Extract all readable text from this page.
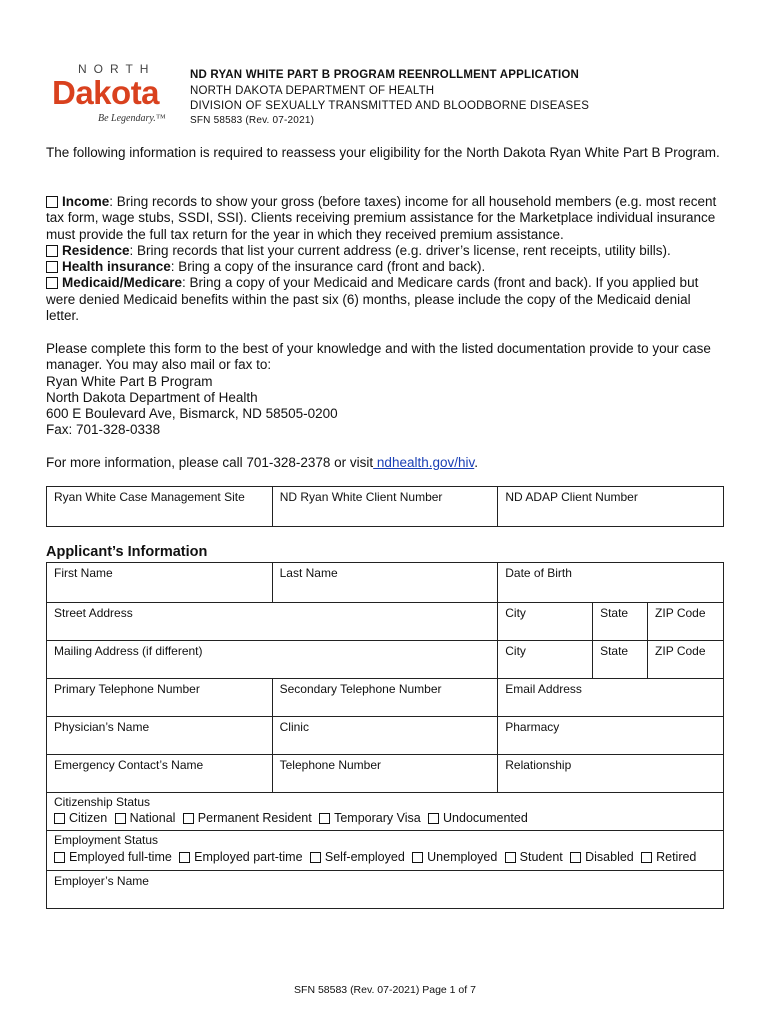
NORTH
Dakota
Be Legendary.™
ND RYAN WHITE PART B PROGRAM REENROLLMENT APPLICATION
NORTH DAKOTA DEPARTMENT OF HEALTH
DIVISION OF SEXUALLY TRANSMITTED AND BLOODBORNE DISEASES
SFN 58583 (Rev. 07-2021)
The following information is required to reassess your eligibility for the North Dakota Ryan White Part B Program.
Income: Bring records to show your gross (before taxes) income for all household members (e.g. most recent tax form, wage stubs, SSDI, SSI). Clients receiving premium assistance for the Marketplace individual insurance must provide the full tax return for the year in which they received premium assistance.
Residence: Bring records that list your current address (e.g. driver’s license, rent receipts, utility bills).
Health insurance: Bring a copy of the insurance card (front and back).
Medicaid/Medicare: Bring a copy of your Medicaid and Medicare cards (front and back). If you applied but were denied Medicaid benefits within the past six (6) months, please include the copy of the Medicaid denial letter.
Please complete this form to the best of your knowledge and with the listed documentation provide to your case manager. You may also mail or fax to:
Ryan White Part B Program
North Dakota Department of Health
600 E Boulevard Ave, Bismarck, ND 58505-0200
Fax: 701-328-0338
For more information, please call 701-328-2378 or visit ndhealth.gov/hiv.
Ryan White Case Management Site	ND Ryan White Client Number	ND ADAP Client Number
Applicant’s Information
First Name	Last Name	Date of Birth		
Street Address		City	State	ZIP Code
Mailing Address (if different)		City	State	ZIP Code
Primary Telephone Number	Secondary Telephone Number	Email Address		
Physician’s Name	Clinic	Pharmacy		
Emergency Contact’s Name	Telephone Number	Relationship		

Citizenship Status
Citizen National Permanent Resident Temporary Visa Undocumented				

Employment Status
Employed full-time Employed part-time Self-employed Unemployed Student Disabled Retired				

Employer’s Name				
SFN 58583 (Rev. 07-2021) Page 1 of 7
